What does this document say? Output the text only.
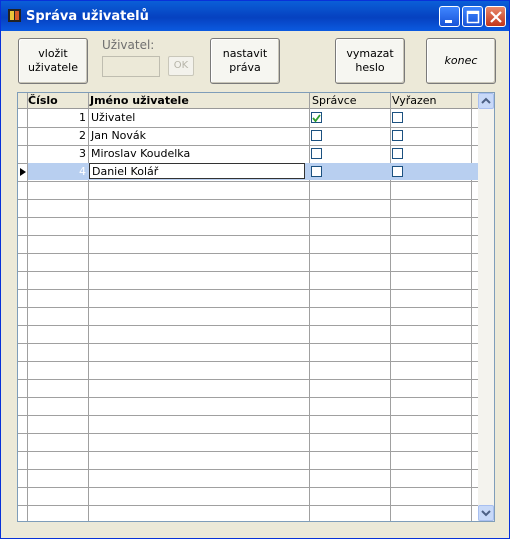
Správa uživatelů
vložit
uživatele
Uživatel:
OK
nastavit
práva
vymazat
heslo
konec
Číslo	Jméno uživatele	Správce	Vyřazen
1 Uživatel
2 Jan Novák
3 Miroslav Koudelka
4 Daniel Kolář
